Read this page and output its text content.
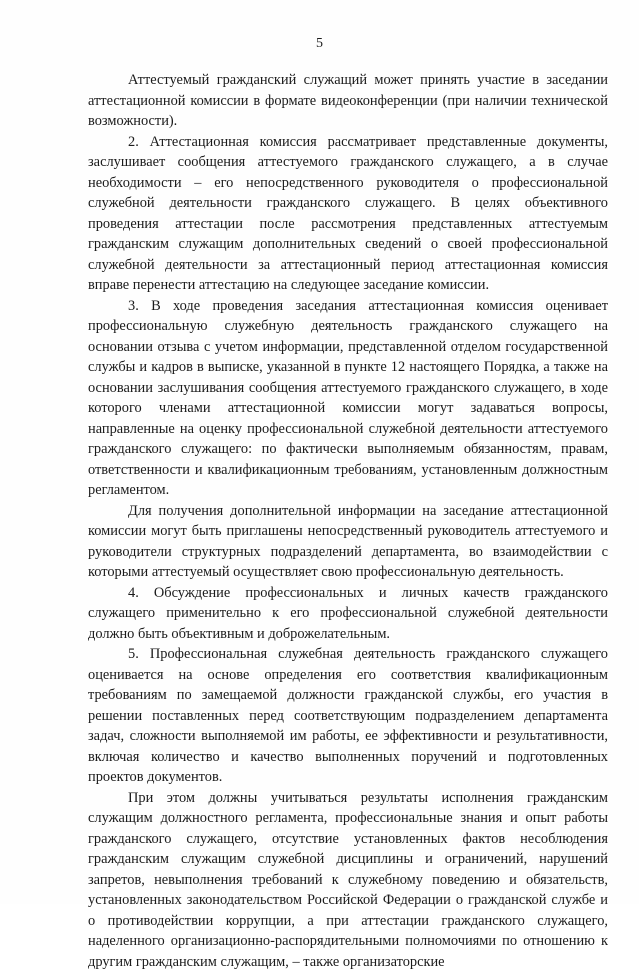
5

Аттестуемый гражданский служащий может принять участие в заседании аттестационной комиссии в формате видеоконференции (при наличии технической возможности).

2. Аттестационная комиссия рассматривает представленные документы, заслушивает сообщения аттестуемого гражданского служащего, а в случае необходимости – его непосредственного руководителя о профессиональной служебной деятельности гражданского служащего. В целях объективного проведения аттестации после рассмотрения представленных аттестуемым гражданским служащим дополнительных сведений о своей профессиональной служебной деятельности за аттестационный период аттестационная комиссия вправе перенести аттестацию на следующее заседание комиссии.

3. В ходе проведения заседания аттестационная комиссия оценивает профессиональную служебную деятельность гражданского служащего на основании отзыва с учетом информации, представленной отделом государственной службы и кадров в выписке, указанной в пункте 12 настоящего Порядка, а также на основании заслушивания сообщения аттестуемого гражданского служащего, в ходе которого членами аттестационной комиссии могут задаваться вопросы, направленные на оценку профессиональной служебной деятельности аттестуемого гражданского служащего: по фактически выполняемым обязанностям, правам, ответственности и квалификационным требованиям, установленным должностным регламентом.

Для получения дополнительной информации на заседание аттестационной комиссии могут быть приглашены непосредственный руководитель аттестуемого и руководители структурных подразделений департамента, во взаимодействии с которыми аттестуемый осуществляет свою профессиональную деятельность.

4. Обсуждение профессиональных и личных качеств гражданского служащего применительно к его профессиональной служебной деятельности должно быть объективным и доброжелательным.

5. Профессиональная служебная деятельность гражданского служащего оценивается на основе определения его соответствия квалификационным требованиям по замещаемой должности гражданской службы, его участия в решении поставленных перед соответствующим подразделением департамента задач, сложности выполняемой им работы, ее эффективности и результативности, включая количество и качество выполненных поручений и подготовленных проектов документов.

При этом должны учитываться результаты исполнения гражданским служащим должностного регламента, профессиональные знания и опыт работы гражданского служащего, отсутствие установленных фактов несоблюдения гражданским служащим служебной дисциплины и ограничений, нарушений запретов, невыполнения требований к служебному поведению и обязательств, установленных законодательством Российской Федерации о гражданской службе и о противодействии коррупции, а при аттестации гражданского служащего, наделенного организационно-распорядительными полномочиями по отношению к другим гражданским служащим, – также организаторские
